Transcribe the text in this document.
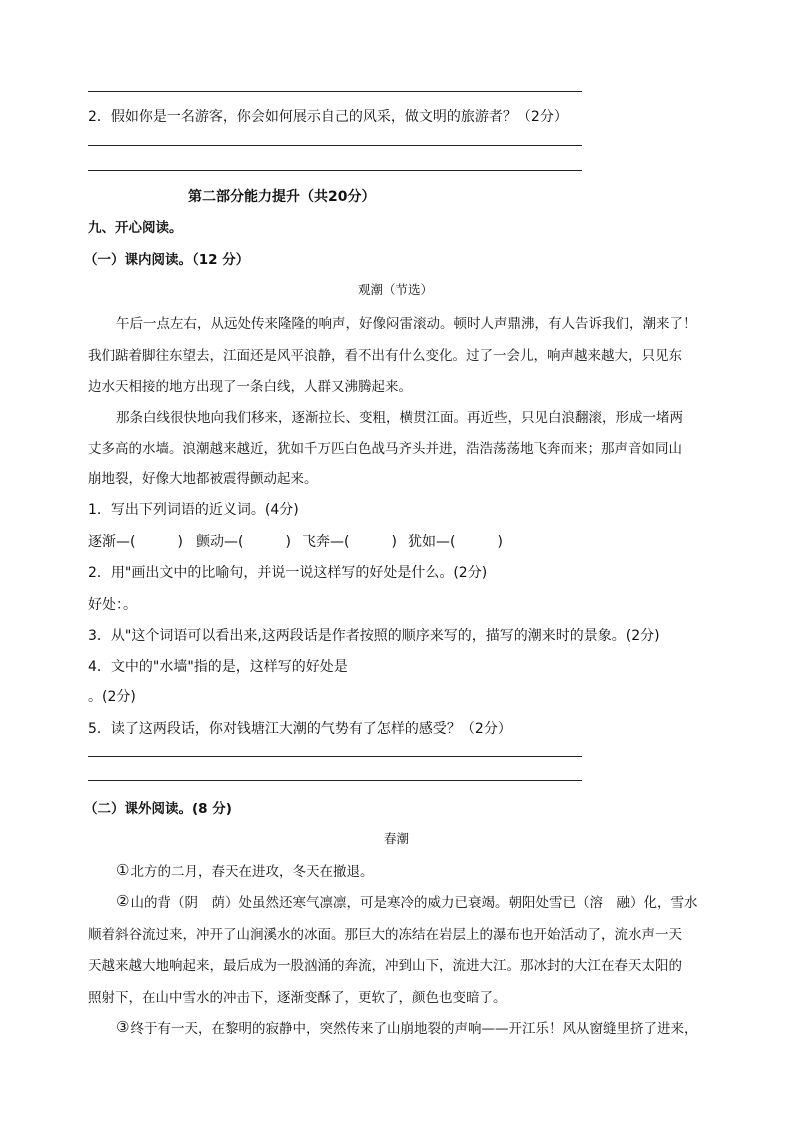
2．假如你是一名游客，你会如何展示自己的风采，做文明的旅游者？（2分）
第二部分能力提升（共20分）
九、开心阅读。
（一）课内阅读。（12 分）
观潮（节选）
午后一点左右，从远处传来隆隆的响声，好像闷雷滚动。顿时人声鼎沸，有人告诉我们，潮来了！
我们踮着脚往东望去，江面还是风平浪静，看不出有什么变化。过了一会儿，响声越来越大，只见东
边水天相接的地方出现了一条白线，人群又沸腾起来。
那条白线很快地向我们移来，逐渐拉长、变粗，横贯江面。再近些，只见白浪翻滚，形成一堵两
丈多高的水墙。浪潮越来越近，犹如千万匹白色战马齐头并进，浩浩荡荡地飞奔而来；那声音如同山
崩地裂，好像大地都被震得颤动起来。
1．写出下列词语的近义词。(4分)
逐渐—(　　　) 颤动—(　　　) 飞奔—(　　　) 犹如—(　　　)
2．用"画出文中的比喻句，并说一说这样写的好处是什么。(2分)
好处：。
3．从"这个词语可以看出来,这两段话是作者按照的顺序来写的，描写的潮来时的景象。(2分)
4．文中的"水墙"指的是，这样写的好处是
。(2分)
5．读了这两段话，你对钱塘江大潮的气势有了怎样的感受？（2分）
（二）课外阅读。(8 分)
春潮
①北方的二月，春天在进攻，冬天在撤退。
②山的背（阴　荫）处虽然还寒气凛凛，可是寒冷的威力已衰竭。朝阳处雪已（溶　融）化，雪水
顺着斜谷流过来，冲开了山涧溪水的冰面。那巨大的冻结在岩层上的瀑布也开始活动了，流水声一天
天越来越大地响起来，最后成为一股汹涌的奔流，冲到山下，流进大江。那冰封的大江在春天太阳的
照射下，在山中雪水的冲击下，逐渐变酥了，更软了，颜色也变暗了。
③终于有一天，在黎明的寂静中，突然传来了山崩地裂的声响——开江乐！风从窗缝里挤了进来，
